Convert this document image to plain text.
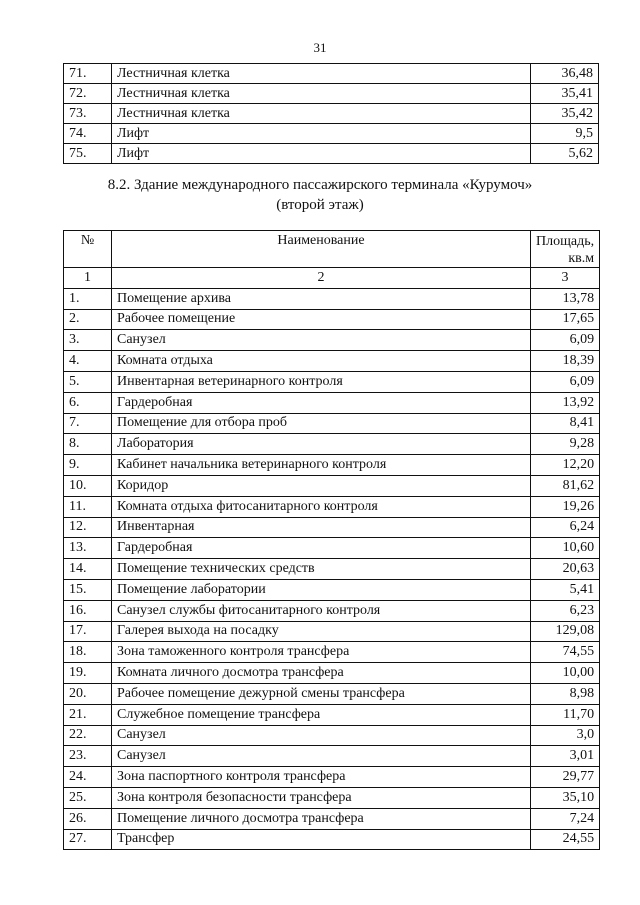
31
71.	Лестничная клетка	36,48
72.	Лестничная клетка	35,41
73.	Лестничная клетка	35,42
74.	Лифт	9,5
75.	Лифт	5,62
8.2. Здание международного пассажирского терминала «Курумоч»
(второй этаж)
№	Наименование	Площадь,
кв.м
1	2	3
1.	Помещение архива	13,78
2.	Рабочее помещение	17,65
3.	Санузел	6,09
4.	Комната отдыха	18,39
5.	Инвентарная ветеринарного контроля	6,09
6.	Гардеробная	13,92
7.	Помещение для отбора проб	8,41
8.	Лаборатория	9,28
9.	Кабинет начальника ветеринарного контроля	12,20
10.	Коридор	81,62
11.	Комната отдыха фитосанитарного контроля	19,26
12.	Инвентарная	6,24
13.	Гардеробная	10,60
14.	Помещение технических средств	20,63
15.	Помещение лаборатории	5,41
16.	Санузел службы фитосанитарного контроля	6,23
17.	Галерея выхода на посадку	129,08
18.	Зона таможенного контроля трансфера	74,55
19.	Комната личного досмотра трансфера	10,00
20.	Рабочее помещение дежурной смены трансфера	8,98
21.	Служебное помещение трансфера	11,70
22.	Санузел	3,0
23.	Санузел	3,01
24.	Зона паспортного контроля трансфера	29,77
25.	Зона контроля безопасности трансфера	35,10
26.	Помещение личного досмотра трансфера	7,24
27.	Трансфер	24,55
